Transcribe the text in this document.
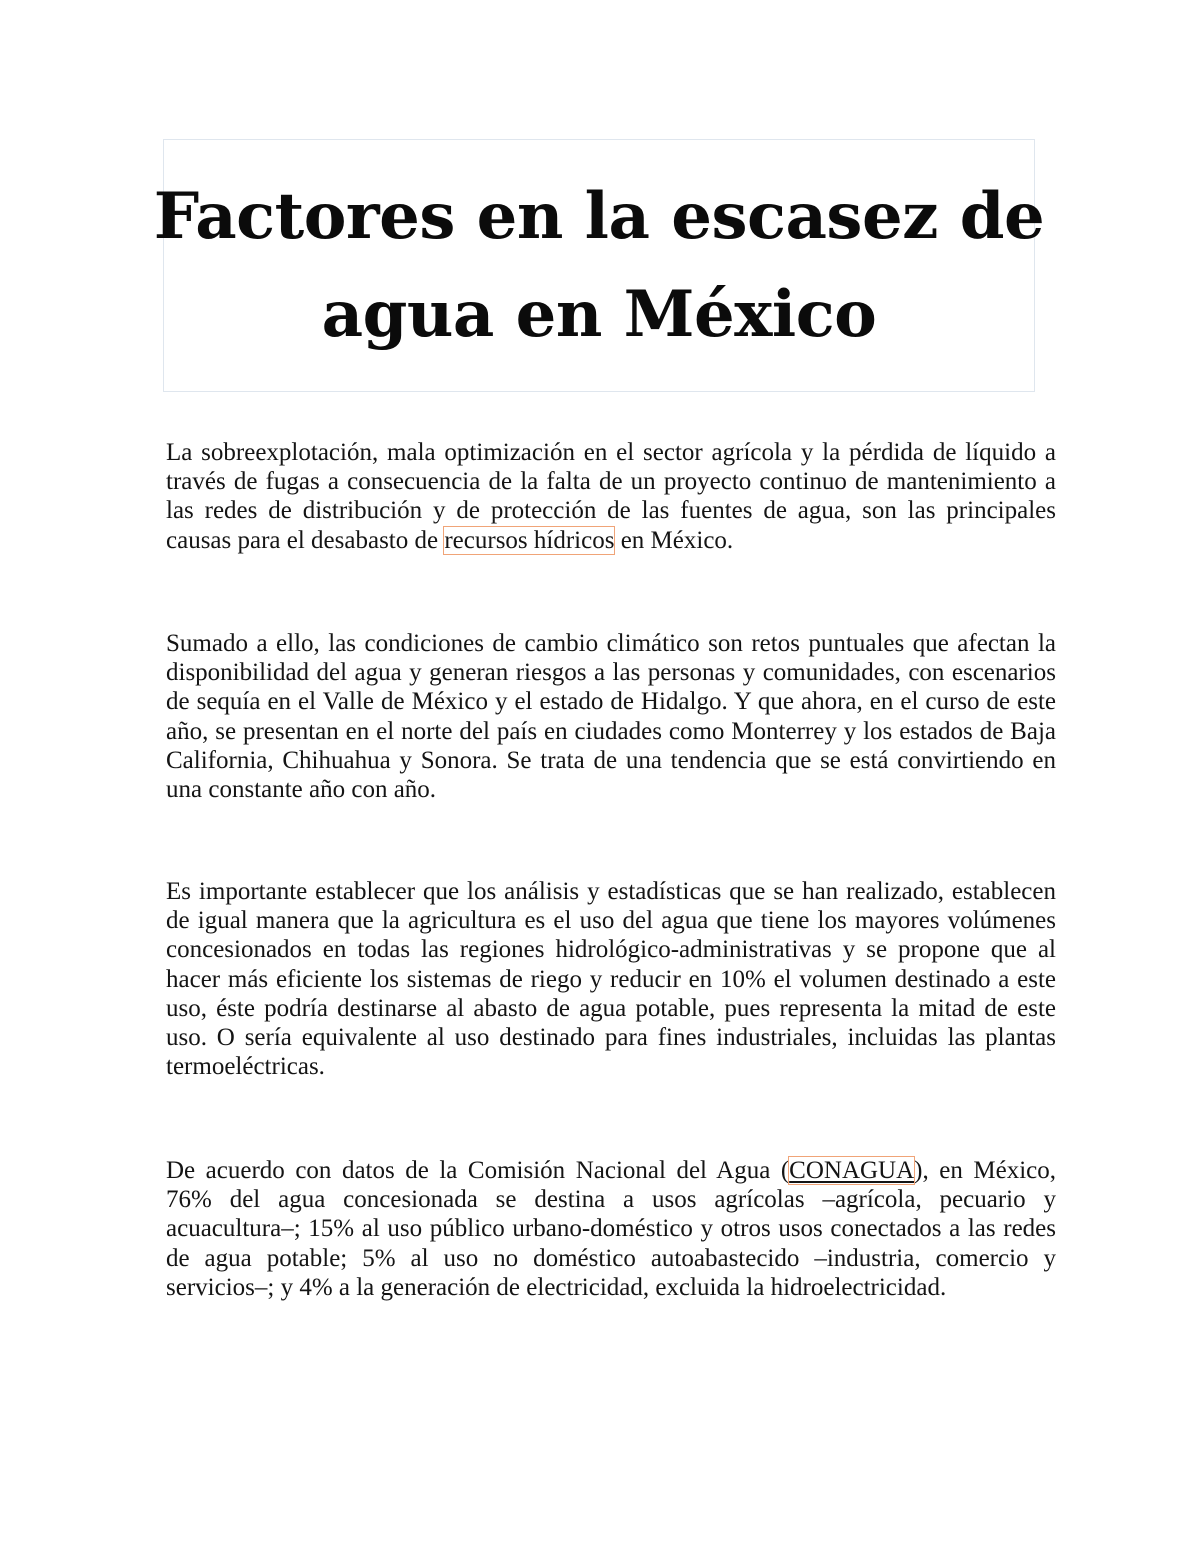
Factores en la escasez de
agua en México

La sobreexplotación, mala optimización en el sector agrícola y la pérdida de líquido a través de fugas a consecuencia de la falta de un proyecto continuo de mantenimiento a las redes de distribución y de protección de las fuentes de agua, son las principales causas para el desabasto de recursos hídricos en México.

Sumado a ello, las condiciones de cambio climático son retos puntuales que afectan la disponibilidad del agua y generan riesgos a las personas y comunidades, con escenarios de sequía en el Valle de México y el estado de Hidalgo. Y que ahora, en el curso de este año, se presentan en el norte del país en ciudades como Monterrey y los estados de Baja California, Chihuahua y Sonora. Se trata de una tendencia que se está convirtiendo en una constante año con año.

Es importante establecer que los análisis y estadísticas que se han realizado, establecen de igual manera que la agricultura es el uso del agua que tiene los mayores volúmenes concesionados en todas las regiones hidrológico-administrativas y se propone que al hacer más eficiente los sistemas de riego y reducir en 10% el volumen destinado a este uso, éste podría destinarse al abasto de agua potable, pues representa la mitad de este uso. O sería equivalente al uso destinado para fines industriales, incluidas las plantas termoeléctricas.

De acuerdo con datos de la Comisión Nacional del Agua (CONAGUA), en México, 76% del agua concesionada se destina a usos agrícolas –agrícola, pecuario y acuacultura–; 15% al uso público urbano-doméstico y otros usos conectados a las redes de agua potable; 5% al uso no doméstico autoabastecido –industria, comercio y servicios–; y 4% a la generación de electricidad, excluida la hidroelectricidad.
